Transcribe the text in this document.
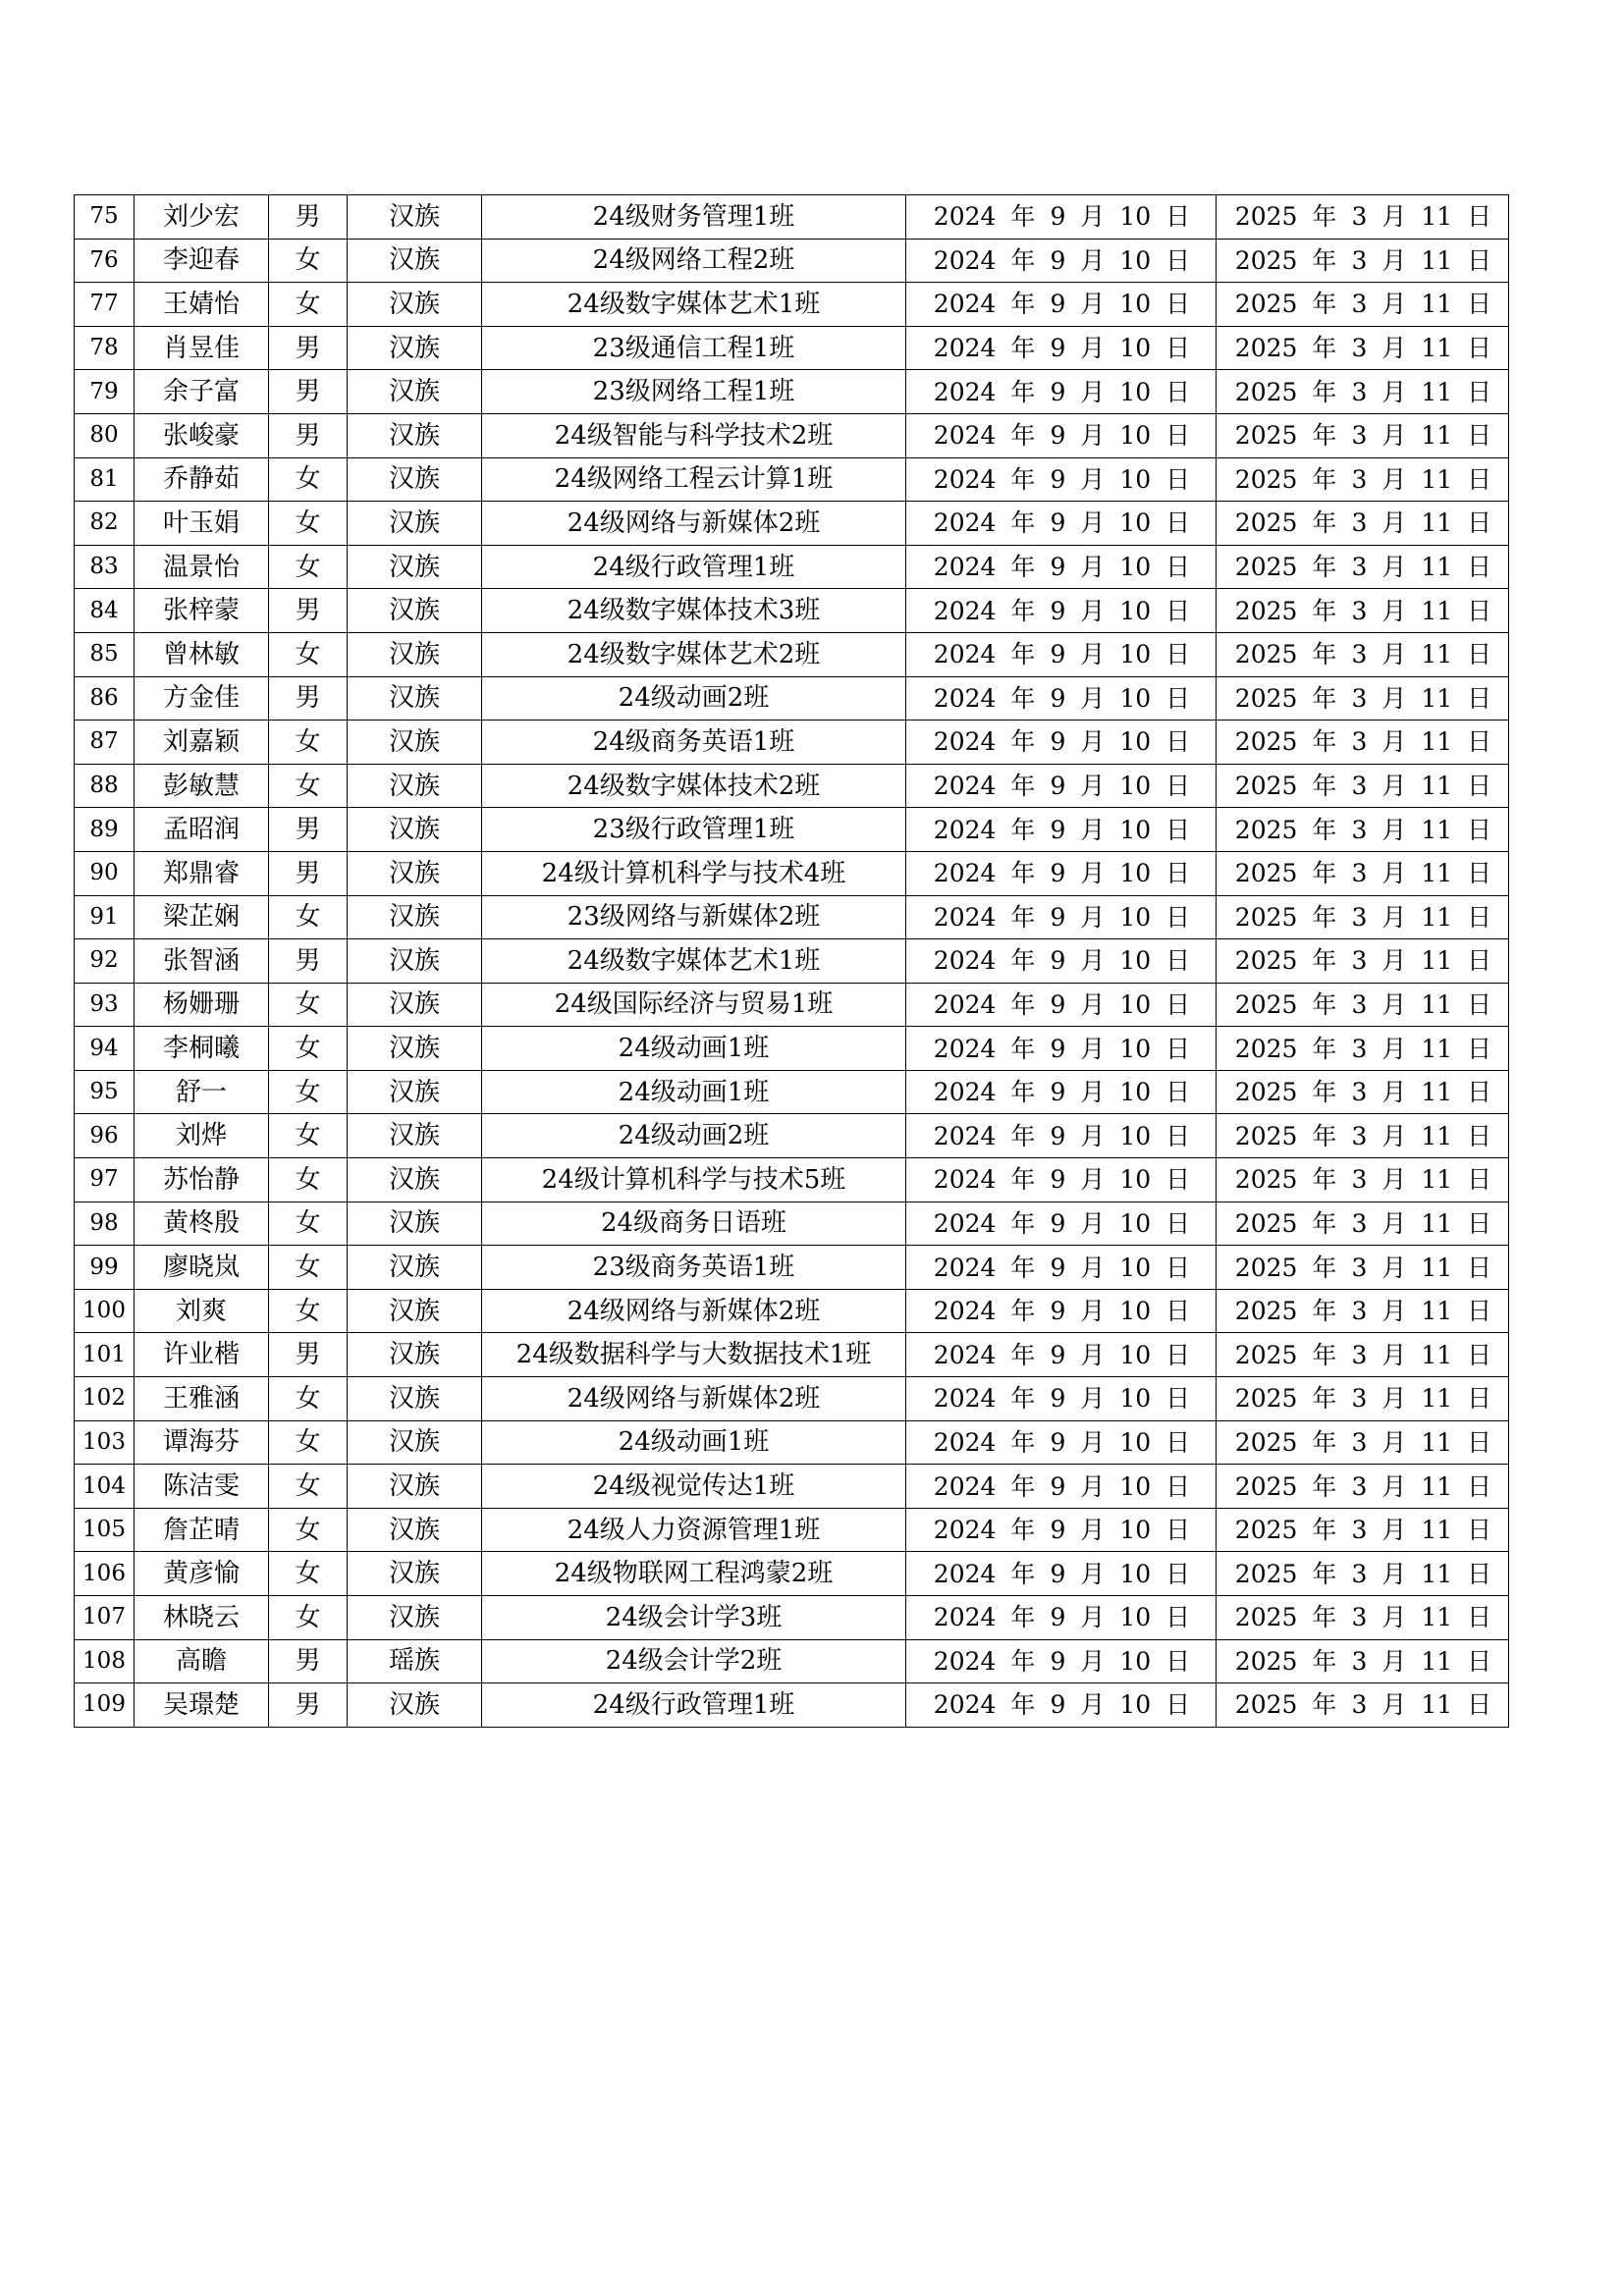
75	刘少宏	男	汉族	24级财务管理1班	2024 年 9 月 10 日	2025 年 3 月 11 日
76	李迎春	女	汉族	24级网络工程2班	2024 年 9 月 10 日	2025 年 3 月 11 日
77	王婧怡	女	汉族	24级数字媒体艺术1班	2024 年 9 月 10 日	2025 年 3 月 11 日
78	肖昱佳	男	汉族	23级通信工程1班	2024 年 9 月 10 日	2025 年 3 月 11 日
79	余子富	男	汉族	23级网络工程1班	2024 年 9 月 10 日	2025 年 3 月 11 日
80	张峻豪	男	汉族	24级智能与科学技术2班	2024 年 9 月 10 日	2025 年 3 月 11 日
81	乔静茹	女	汉族	24级网络工程云计算1班	2024 年 9 月 10 日	2025 年 3 月 11 日
82	叶玉娟	女	汉族	24级网络与新媒体2班	2024 年 9 月 10 日	2025 年 3 月 11 日
83	温景怡	女	汉族	24级行政管理1班	2024 年 9 月 10 日	2025 年 3 月 11 日
84	张梓蒙	男	汉族	24级数字媒体技术3班	2024 年 9 月 10 日	2025 年 3 月 11 日
85	曾林敏	女	汉族	24级数字媒体艺术2班	2024 年 9 月 10 日	2025 年 3 月 11 日
86	方金佳	男	汉族	24级动画2班	2024 年 9 月 10 日	2025 年 3 月 11 日
87	刘嘉颖	女	汉族	24级商务英语1班	2024 年 9 月 10 日	2025 年 3 月 11 日
88	彭敏慧	女	汉族	24级数字媒体技术2班	2024 年 9 月 10 日	2025 年 3 月 11 日
89	孟昭润	男	汉族	23级行政管理1班	2024 年 9 月 10 日	2025 年 3 月 11 日
90	郑鼎睿	男	汉族	24级计算机科学与技术4班	2024 年 9 月 10 日	2025 年 3 月 11 日
91	梁芷娴	女	汉族	23级网络与新媒体2班	2024 年 9 月 10 日	2025 年 3 月 11 日
92	张智涵	男	汉族	24级数字媒体艺术1班	2024 年 9 月 10 日	2025 年 3 月 11 日
93	杨姗珊	女	汉族	24级国际经济与贸易1班	2024 年 9 月 10 日	2025 年 3 月 11 日
94	李桐曦	女	汉族	24级动画1班	2024 年 9 月 10 日	2025 年 3 月 11 日
95	舒一	女	汉族	24级动画1班	2024 年 9 月 10 日	2025 年 3 月 11 日
96	刘烨	女	汉族	24级动画2班	2024 年 9 月 10 日	2025 年 3 月 11 日
97	苏怡静	女	汉族	24级计算机科学与技术5班	2024 年 9 月 10 日	2025 年 3 月 11 日
98	黄柊殷	女	汉族	24级商务日语班	2024 年 9 月 10 日	2025 年 3 月 11 日
99	廖晓岚	女	汉族	23级商务英语1班	2024 年 9 月 10 日	2025 年 3 月 11 日
100	刘爽	女	汉族	24级网络与新媒体2班	2024 年 9 月 10 日	2025 年 3 月 11 日
101	许业楷	男	汉族	24级数据科学与大数据技术1班	2024 年 9 月 10 日	2025 年 3 月 11 日
102	王雅涵	女	汉族	24级网络与新媒体2班	2024 年 9 月 10 日	2025 年 3 月 11 日
103	谭海芬	女	汉族	24级动画1班	2024 年 9 月 10 日	2025 年 3 月 11 日
104	陈洁雯	女	汉族	24级视觉传达1班	2024 年 9 月 10 日	2025 年 3 月 11 日
105	詹芷晴	女	汉族	24级人力资源管理1班	2024 年 9 月 10 日	2025 年 3 月 11 日
106	黄彦愉	女	汉族	24级物联网工程鸿蒙2班	2024 年 9 月 10 日	2025 年 3 月 11 日
107	林晓云	女	汉族	24级会计学3班	2024 年 9 月 10 日	2025 年 3 月 11 日
108	高瞻	男	瑶族	24级会计学2班	2024 年 9 月 10 日	2025 年 3 月 11 日
109	吴璟楚	男	汉族	24级行政管理1班	2024 年 9 月 10 日	2025 年 3 月 11 日
